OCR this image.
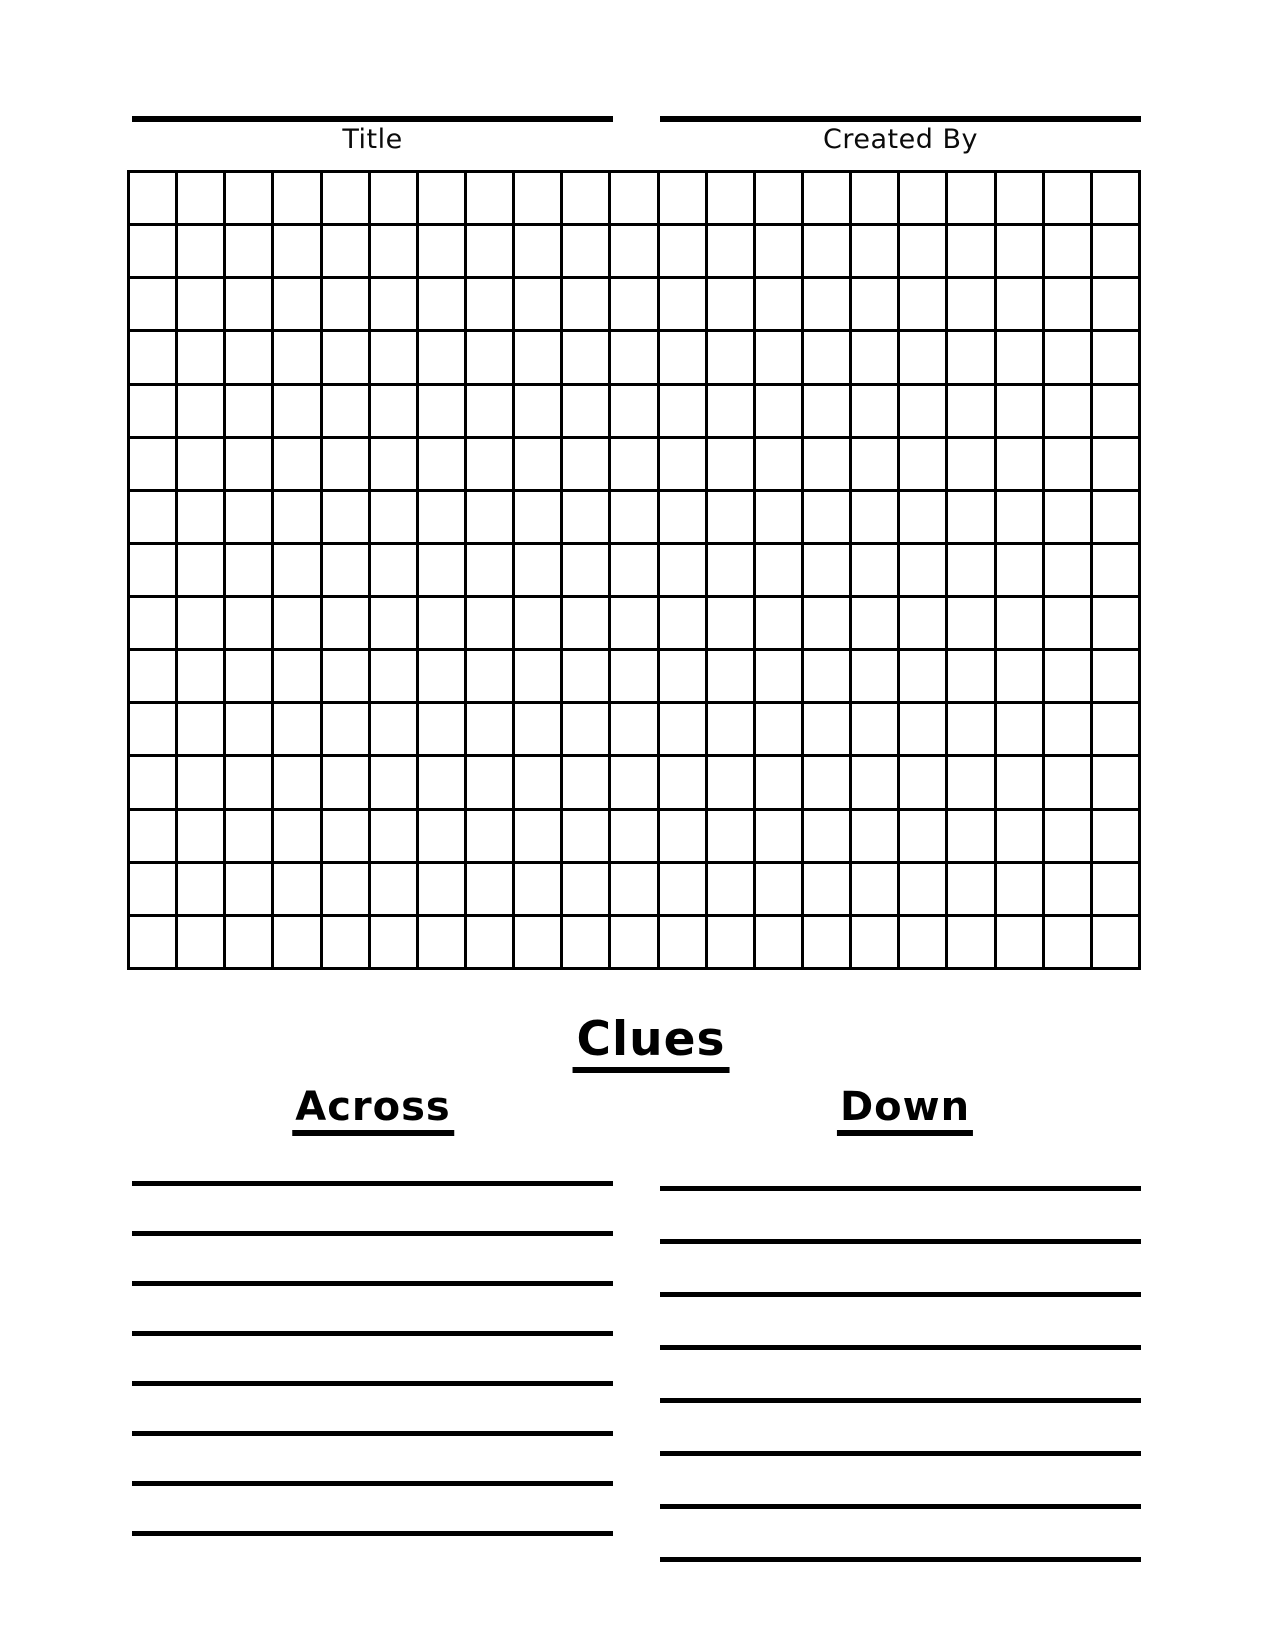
Title	Created By
Clues
Across	Down
